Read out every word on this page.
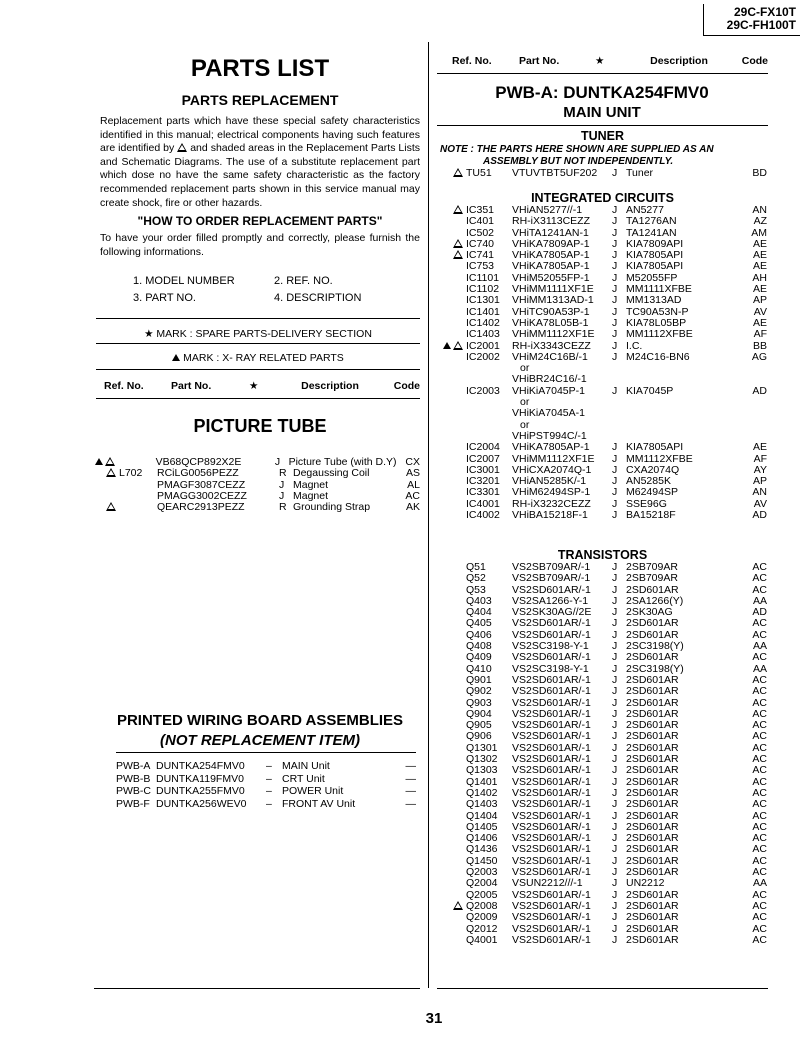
29C-FX10T
29C-FH100T
PARTS LIST
PARTS REPLACEMENT
Replacement parts which have these special safety characteristics identified in this manual; electrical components having such features are identified by and shaded areas in the Replacement Parts Lists and Schematic Diagrams. The use of a substitute replacement part which dose no have the same safety characteristic as the factory recommended replacement parts shown in this service manual may create shock, fire or other hazards.
"HOW TO ORDER REPLACEMENT PARTS"
To have your order filled promptly and correctly, please furnish the following informations.
1. MODEL NUMBER	2. REF. NO.
3. PART NO.	4. DESCRIPTION
★ MARK : SPARE PARTS-DELIVERY SECTION
MARK : X- RAY RELATED PARTS
Ref. No.	Part No.	★	Description	Code
PICTURE TUBE
VB68QCP892X2E	J Picture Tube (with D.Y) CX
L702	RCiLG0056PEZZ	R Degaussing Coil	AS
PMAGF3087CEZZ	J Magnet	AL
PMAGG3002CEZZ	J Magnet	AC
QEARC2913PEZZ	R Grounding Strap	AK
PRINTED WIRING BOARD ASSEMBLIES
(NOT REPLACEMENT ITEM)
PWB-A DUNTKA254FMV0	– MAIN Unit	—
PWB-B DUNTKA119FMV0	– CRT Unit	—
PWB-C DUNTKA255FMV0	– POWER Unit	—
PWB-F DUNTKA256WEV0	– FRONT AV Unit	—
Ref. No.	Part No.	★	Description	Code
PWB-A: DUNTKA254FMV0
MAIN UNIT
TUNER
NOTE : THE PARTS HERE SHOWN ARE SUPPLIED AS AN
ASSEMBLY BUT NOT INDEPENDENTLY.
TU51	VTUVTBT5UF202	J Tuner	BD
INTEGRATED CIRCUITS
IC351	VHiAN5277//-1	J AN5277	AN
IC401	RH-iX3113CEZZ	J TA1276AN	AZ
IC502	VHiTA1241AN-1	J TA1241AN	AM
IC740	VHiKA7809AP-1	J KIA7809API	AE
IC741	VHiKA7805AP-1	J KIA7805API	AE
IC753	VHiKA7805AP-1	J KIA7805API	AE
IC1101	VHiM52055FP-1	J M52055FP	AH
IC1102	VHiMM1111XF1E	J MM1111XFBE	AE
IC1301	VHiMM1313AD-1	J MM1313AD	AP
IC1401	VHiTC90A53P-1	J TC90A53N-P	AV
IC1402	VHiKA78L05B-1	J KIA78L05BP	AE
IC1403	VHiMM1112XF1E	J MM1112XFBE	AF
IC2001	RH-iX3343CEZZ	J I.C.	BB
IC2002	VHiM24C16B/-1	J M24C16-BN6	AG
or
VHiBR24C16/-1
IC2003	VHiKiA7045P-1	J KIA7045P	AD
or
VHiKiA7045A-1
or
VHiPST994C/-1
IC2004	VHiKA7805AP-1	J KIA7805API	AE
IC2007	VHiMM1112XF1E	J MM1112XFBE	AF
IC3001	VHiCXA2074Q-1	J CXA2074Q	AY
IC3201	VHiAN5285K/-1	J AN5285K	AP
IC3301	VHiM62494SP-1	J M62494SP	AN
IC4001	RH-iX3232CEZZ	J SSE96G	AV
IC4002	VHiBA15218F-1	J BA15218F	AD
TRANSISTORS
Q51	VS2SB709AR/-1	J 2SB709AR	AC
Q52	VS2SB709AR/-1	J 2SB709AR	AC
Q53	VS2SD601AR/-1	J 2SD601AR	AC
Q403	VS2SA1266-Y-1	J 2SA1266(Y)	AA
Q404	VS2SK30AG//2E	J 2SK30AG	AD
Q405	VS2SD601AR/-1	J 2SD601AR	AC
Q406	VS2SD601AR/-1	J 2SD601AR	AC
Q408	VS2SC3198-Y-1	J 2SC3198(Y)	AA
Q409	VS2SD601AR/-1	J 2SD601AR	AC
Q410	VS2SC3198-Y-1	J 2SC3198(Y)	AA
Q901	VS2SD601AR/-1	J 2SD601AR	AC
Q902	VS2SD601AR/-1	J 2SD601AR	AC
Q903	VS2SD601AR/-1	J 2SD601AR	AC
Q904	VS2SD601AR/-1	J 2SD601AR	AC
Q905	VS2SD601AR/-1	J 2SD601AR	AC
Q906	VS2SD601AR/-1	J 2SD601AR	AC
Q1301	VS2SD601AR/-1	J 2SD601AR	AC
Q1302	VS2SD601AR/-1	J 2SD601AR	AC
Q1303	VS2SD601AR/-1	J 2SD601AR	AC
Q1401	VS2SD601AR/-1	J 2SD601AR	AC
Q1402	VS2SD601AR/-1	J 2SD601AR	AC
Q1403	VS2SD601AR/-1	J 2SD601AR	AC
Q1404	VS2SD601AR/-1	J 2SD601AR	AC
Q1405	VS2SD601AR/-1	J 2SD601AR	AC
Q1406	VS2SD601AR/-1	J 2SD601AR	AC
Q1436	VS2SD601AR/-1	J 2SD601AR	AC
Q1450	VS2SD601AR/-1	J 2SD601AR	AC
Q2003	VS2SD601AR/-1	J 2SD601AR	AC
Q2004	VSUN2212///-1	J UN2212	AA
Q2005	VS2SD601AR/-1	J 2SD601AR	AC
Q2008	VS2SD601AR/-1	J 2SD601AR	AC
Q2009	VS2SD601AR/-1	J 2SD601AR	AC
Q2012	VS2SD601AR/-1	J 2SD601AR	AC
Q4001	VS2SD601AR/-1	J 2SD601AR	AC
31
